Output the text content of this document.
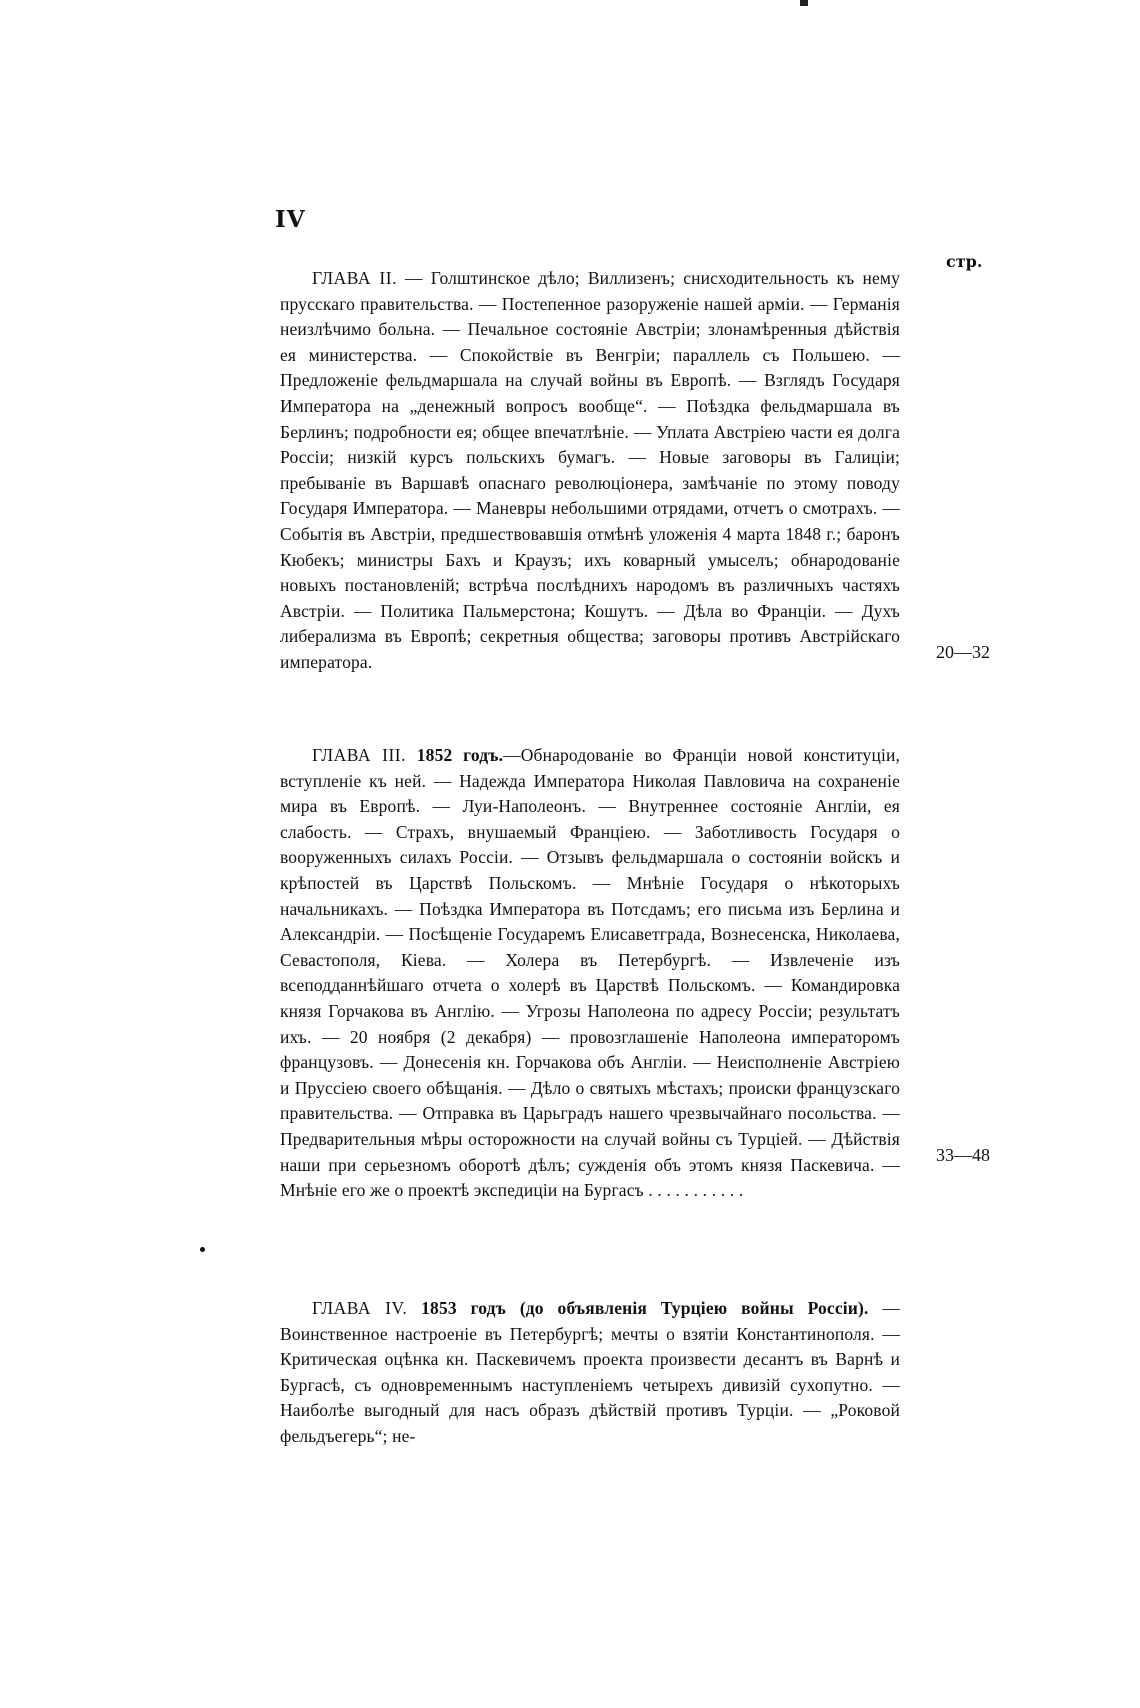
IV
стр.

ГЛАВА II. — Голштинское дѣло; Виллизенъ; снисходительность къ нему прусскаго правительства. — Постепенное разоруженіе нашей арміи. — Германія неизлѣчимо больна. — Печальное состояніе Австріи; злонамѣренныя дѣйствія ея министерства. — Спокойствіе въ Венгріи; параллель съ Польшею. — Предложеніе фельдмаршала на случай войны въ Европѣ. — Взглядъ Государя Императора на „денежный вопросъ вообще“. — Поѣздка фельдмаршала въ Берлинъ; подробности ея; общее впечатлѣніе. — Уплата Австріею части ея долга Россіи; низкій курсъ польскихъ бумагъ. — Новые заговоры въ Галиціи; пребываніе въ Варшавѣ опаснаго революціонера, замѣчаніе по этому поводу Государя Императора. — Маневры небольшими отрядами, отчетъ о смотрахъ. — Событія въ Австріи, предшествовавшія отмѣнѣ уложенія 4 марта 1848 г.; баронъ Кюбекъ; министры Бахъ и Краузъ; ихъ коварный умыселъ; обнародованіе новыхъ постановленій; встрѣча послѣднихъ народомъ въ различныхъ частяхъ Австріи. — Политика Пальмерстона; Кошутъ. — Дѣла во Франціи. — Духъ либерализма въ Европѣ; секретныя общества; заговоры противъ Австрійскаго императора.	20—32

ГЛАВА III. 1852 годъ.—Обнародованіе во Франціи новой конституціи, вступленіе къ ней. — Надежда Императора Николая Павловича на сохраненіе мира въ Европѣ. — Луи-Наполеонъ. — Внутреннее состояніе Англіи, ея слабость. — Страхъ, внушаемый Франціею. — Заботливость Государя о вооруженныхъ силахъ Россіи. — Отзывъ фельдмаршала о состояніи войскъ и крѣпостей въ Царствѣ Польскомъ. — Мнѣніе Государя о нѣкоторыхъ начальникахъ. — Поѣздка Императора въ Потсдамъ; его письма изъ Берлина и Александріи. — Посѣщеніе Государемъ Елисаветграда, Вознесенска, Николаева, Севастополя, Кіева. — Холера въ Петербургѣ. — Извлеченіе изъ всеподданнѣйшаго отчета о холерѣ въ Царствѣ Польскомъ. — Командировка князя Горчакова въ Англію. — Угрозы Наполеона по адресу Россіи; результатъ ихъ. — 20 ноября (2 декабря) — провозглашеніе Наполеона императоромъ французовъ. — Донесенія кн. Горчакова объ Англіи. — Неисполненіе Австріею и Пруссіею своего обѣщанія. — Дѣло о святыхъ мѣстахъ; происки французскаго правительства. — Отправка въ Царьградъ нашего чрезвычайнаго посольства. — Предварительныя мѣры осторожности на случай войны съ Турціей. — Дѣйствія наши при серьезномъ оборотѣ дѣлъ; сужденія объ этомъ князя Паскевича. — Мнѣніе его же о проектѣ экспедиціи на Бургасъ . . . . . . . . . . .

33—48

ГЛАВА IV. 1853 годъ (до объявленія Турціею войны Россіи). — Воинственное настроеніе въ Петербургѣ; мечты о взятіи Константинополя. — Критическая оцѣнка кн. Паскевичемъ проекта произвести десантъ въ Варнѣ и Бургасѣ, съ одновременнымъ наступленіемъ четырехъ дивизій сухопутно. — Наиболѣе выгодный для насъ образъ дѣйствій противъ Турціи. — „Роковой фельдъегерь“; не-
